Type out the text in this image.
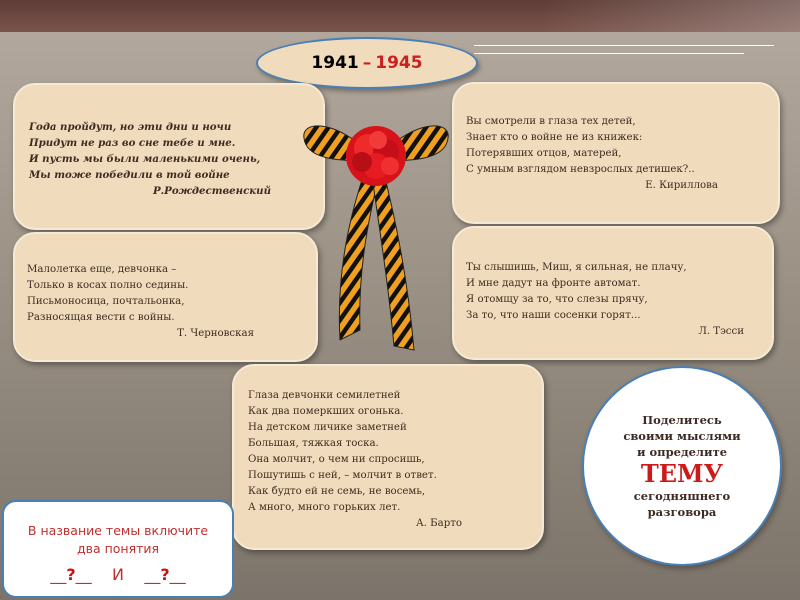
1941 – 1945
Года пройдут, но эти дни и ночи
Придут не раз во сне тебе и мне.
И пусть мы были маленькими очень,
Мы тоже победили в той войне
Р.Рождественский
Вы смотрели в глаза тех детей,
Знает кто о войне не из книжек:
Потерявших отцов, матерей,
С умным взглядом невзрослых детишек?..
Е. Кириллова
Малолетка еще, девчонка –
Только в косах полно седины.
Письмоносица, почтальонка,
Разносящая вести с войны.
Т. Черновская
Ты слышишь, Миш, я сильная, не плачу,
И мне дадут на фронте автомат.
Я отомщу за то, что слезы прячу,
За то, что наши сосенки горят...
Л. Тэсси
Глаза девчонки семилетней
Как два померкших огонька.
На детском личике заметней
Большая, тяжкая тоска.
Она молчит, о чем ни спросишь,
Пошутишь с ней, – молчит в ответ.
Как будто ей не семь, не восемь,
А много, много горьких лет.
А. Барто
Поделитесь
своими мыслями
и определите
ТЕМУ
сегодняшнего
разговора
В название темы включите
два понятия
__?__ И __?__
